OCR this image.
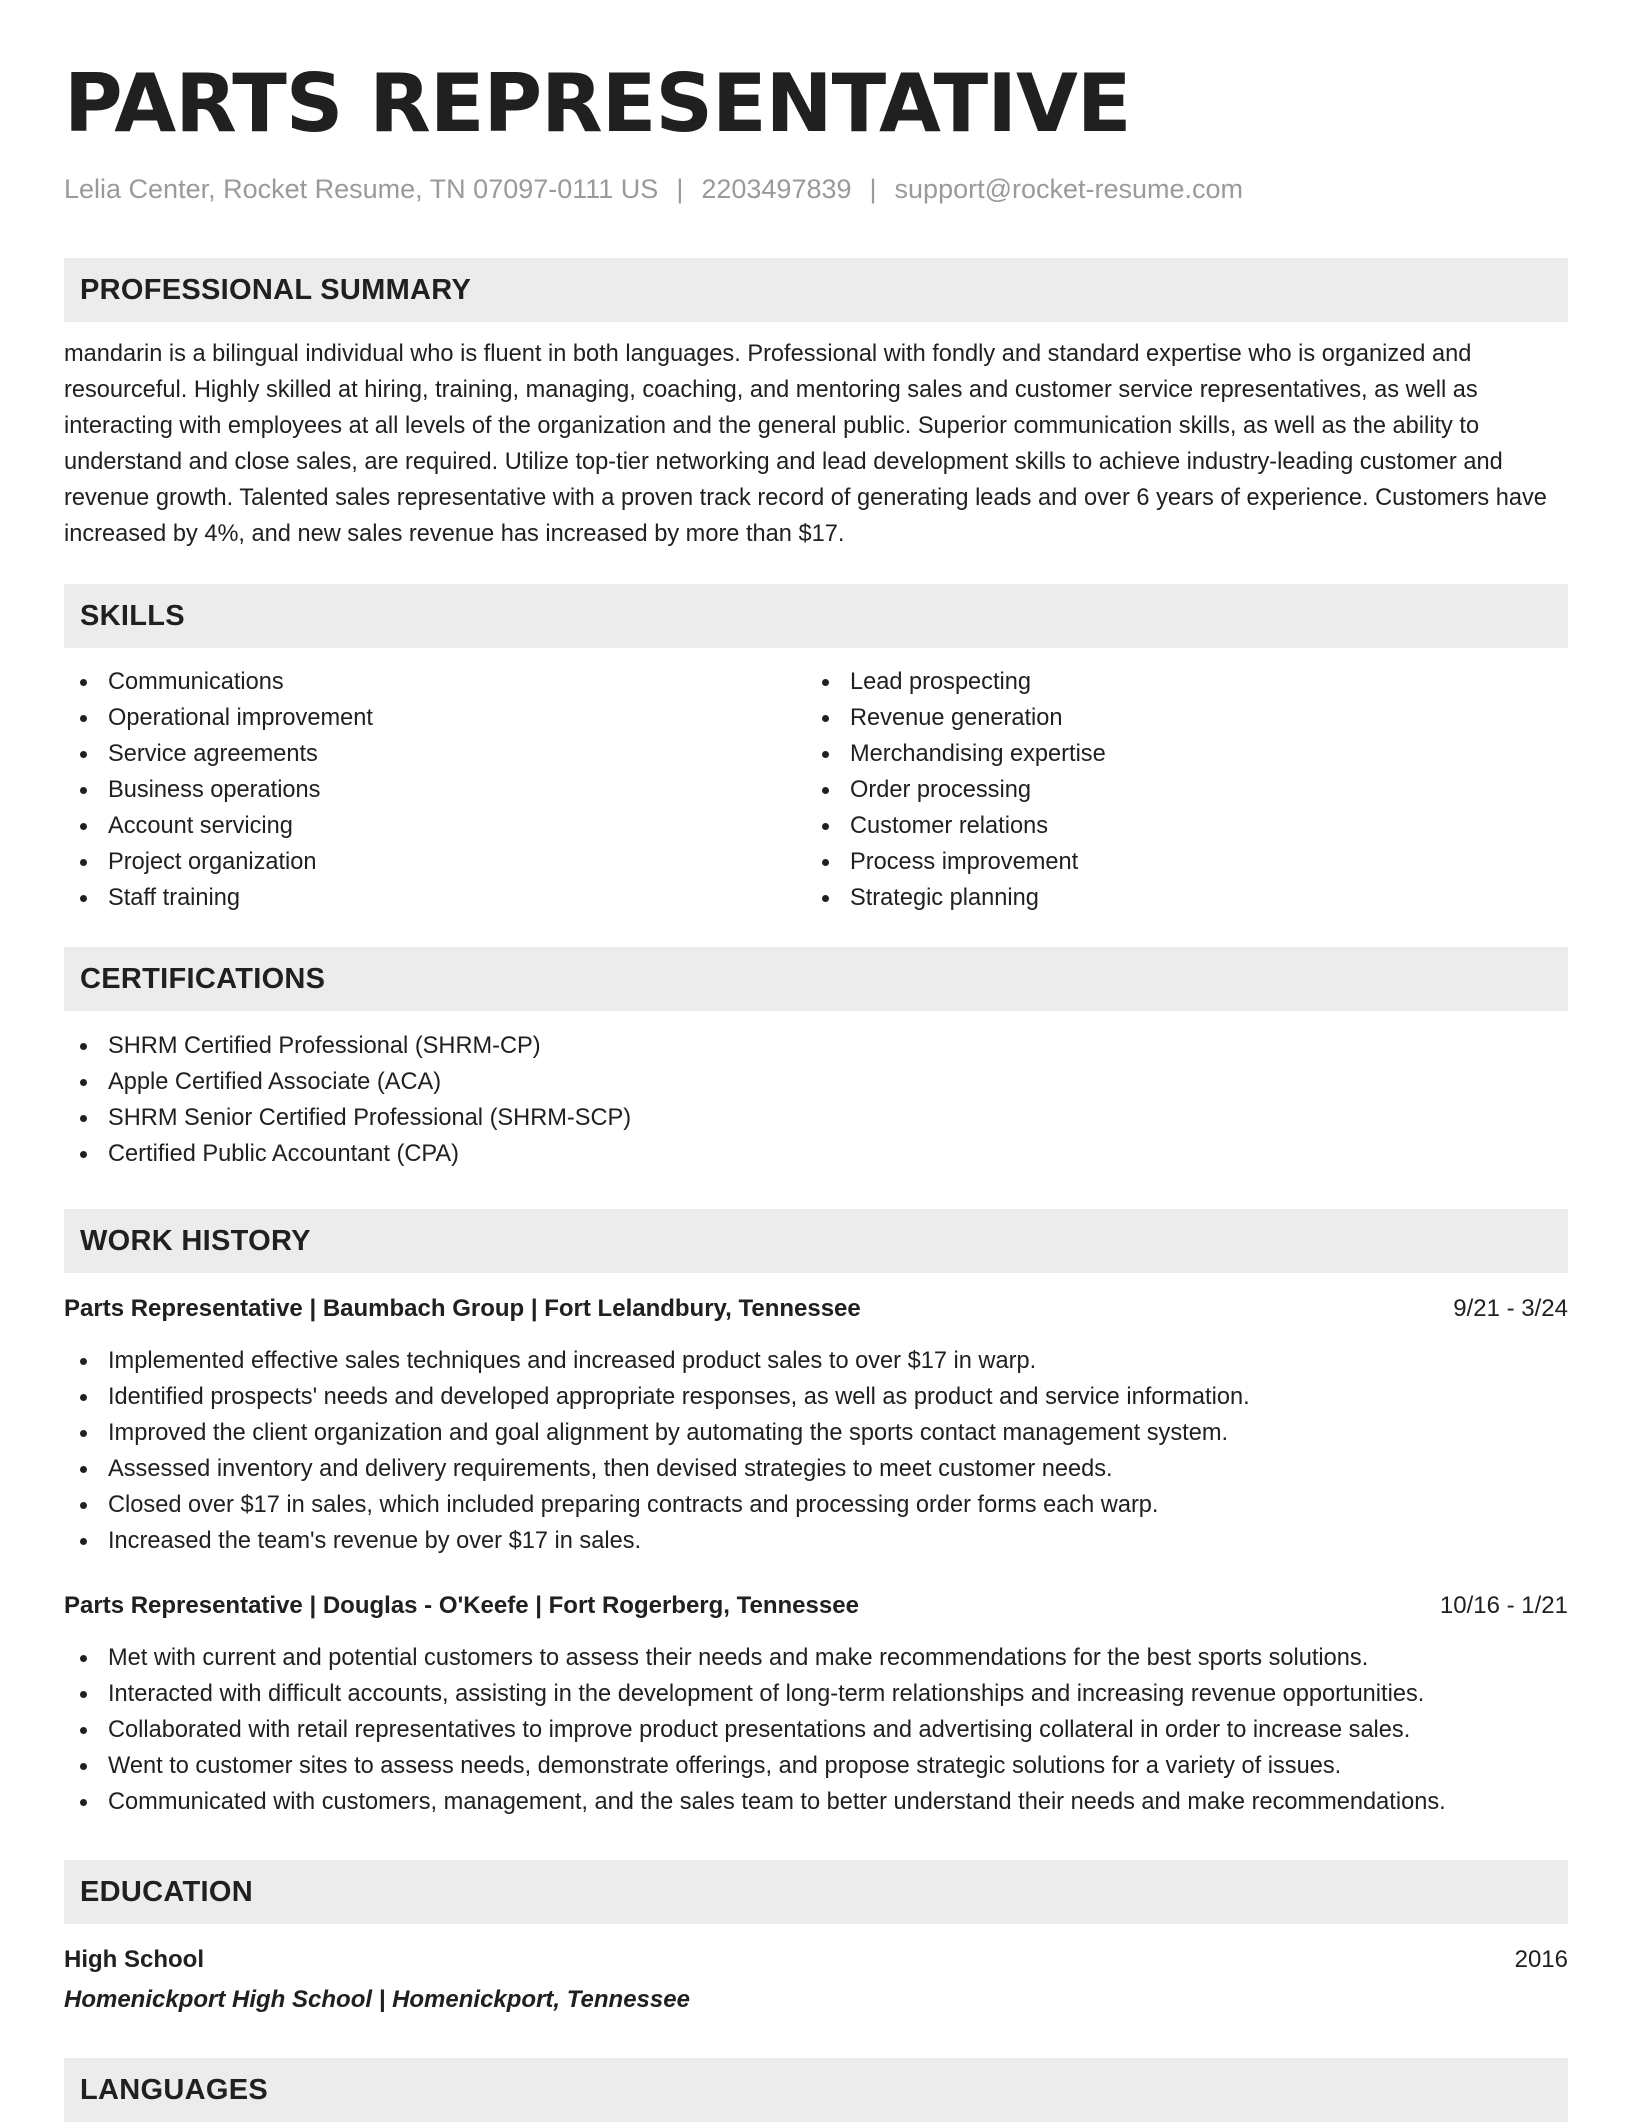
PARTS REPRESENTATIVE
Lelia Center, Rocket Resume, TN 07097-0111 US | 2203497839 | support@rocket-resume.com
PROFESSIONAL SUMMARY

mandarin is a bilingual individual who is fluent in both languages. Professional with fondly and standard expertise who is organized and resourceful. Highly skilled at hiring, training, managing, coaching, and mentoring sales and customer service representatives, as well as interacting with employees at all levels of the organization and the general public. Superior communication skills, as well as the ability to understand and close sales, are required. Utilize top-tier networking and lead development skills to achieve industry-leading customer and revenue growth. Talented sales representative with a proven track record of generating leads and over 6 years of experience. Customers have increased by 4%, and new sales revenue has increased by more than $17.

SKILLS
Communications
Operational improvement
Service agreements
Business operations
Account servicing
Project organization
Staff training
Lead prospecting
Revenue generation
Merchandising expertise
Order processing
Customer relations
Process improvement
Strategic planning
CERTIFICATIONS
SHRM Certified Professional (SHRM-CP)
Apple Certified Associate (ACA)
SHRM Senior Certified Professional (SHRM-SCP)
Certified Public Accountant (CPA)
WORK HISTORY
Parts Representative | Baumbach Group | Fort Lelandbury, Tennessee	9/21 - 3/24
Implemented effective sales techniques and increased product sales to over $17 in warp.
Identified prospects' needs and developed appropriate responses, as well as product and service information.
Improved the client organization and goal alignment by automating the sports contact management system.
Assessed inventory and delivery requirements, then devised strategies to meet customer needs.
Closed over $17 in sales, which included preparing contracts and processing order forms each warp.
Increased the team's revenue by over $17 in sales.
Parts Representative | Douglas - O'Keefe | Fort Rogerberg, Tennessee	10/16 - 1/21
Met with current and potential customers to assess their needs and make recommendations for the best sports solutions.
Interacted with difficult accounts, assisting in the development of long-term relationships and increasing revenue opportunities.
Collaborated with retail representatives to improve product presentations and advertising collateral in order to increase sales.
Went to customer sites to assess needs, demonstrate offerings, and propose strategic solutions for a variety of issues.
Communicated with customers, management, and the sales team to better understand their needs and make recommendations.
EDUCATION
High School	2016
Homenickport High School | Homenickport, Tennessee
LANGUAGES
